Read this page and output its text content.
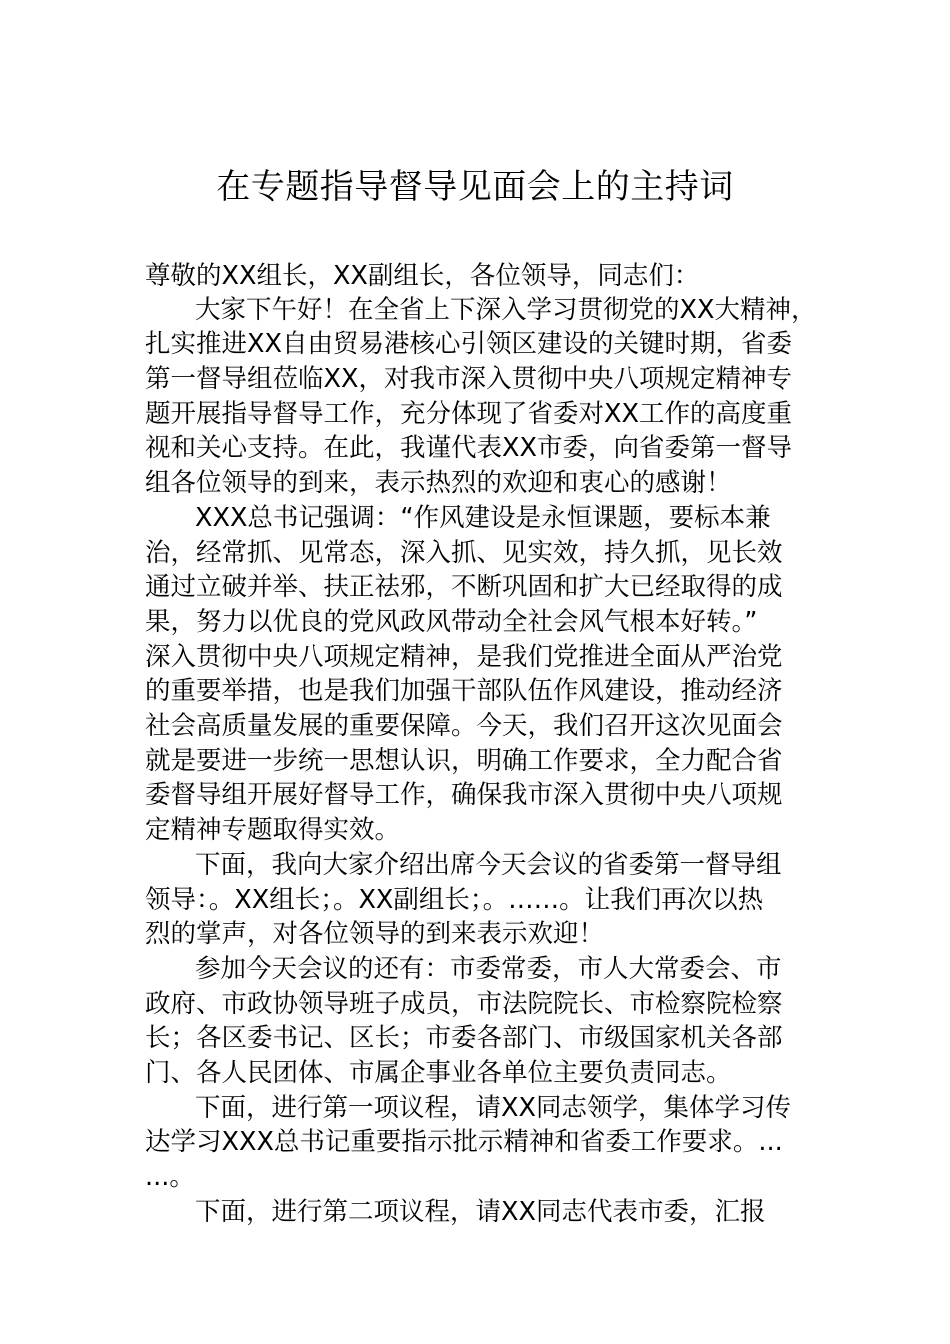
在专题指导督导见面会上的主持词

尊敬的XX组长，XX副组长，各位领导，同志们：

大家下午好！在全省上下深入学习贯彻党的XX大精神，

扎实推进XX自由贸易港核心引领区建设的关键时期，省委

第一督导组莅临XX，对我市深入贯彻中央八项规定精神专

题开展指导督导工作，充分体现了省委对XX工作的高度重

视和关心支持。在此，我谨代表XX市委，向省委第一督导

组各位领导的到来，表示热烈的欢迎和衷心的感谢！

XXX总书记强调：“作风建设是永恒课题，要标本兼

治，经常抓、见常态，深入抓、见实效，持久抓，见长效

通过立破并举、扶正祛邪，不断巩固和扩大已经取得的成

果，努力以优良的党风政风带动全社会风气根本好转。”

深入贯彻中央八项规定精神，是我们党推进全面从严治党

的重要举措，也是我们加强干部队伍作风建设，推动经济

社会高质量发展的重要保障。今天，我们召开这次见面会

就是要进一步统一思想认识，明确工作要求，全力配合省

委督导组开展好督导工作，确保我市深入贯彻中央八项规

定精神专题取得实效。

下面，我向大家介绍出席今天会议的省委第一督导组

领导：。XX组长；。XX副组长；。……。让我们再次以热

烈的掌声，对各位领导的到来表示欢迎！

参加今天会议的还有：市委常委，市人大常委会、市

政府、市政协领导班子成员，市法院院长、市检察院检察

长；各区委书记、区长；市委各部门、市级国家机关各部

门、各人民团体、市属企事业各单位主要负责同志。

下面，进行第一项议程，请XX同志领学，集体学习传

达学习XXX总书记重要指示批示精神和省委工作要求。...

...。

下面，进行第二项议程，请XX同志代表市委，汇报
